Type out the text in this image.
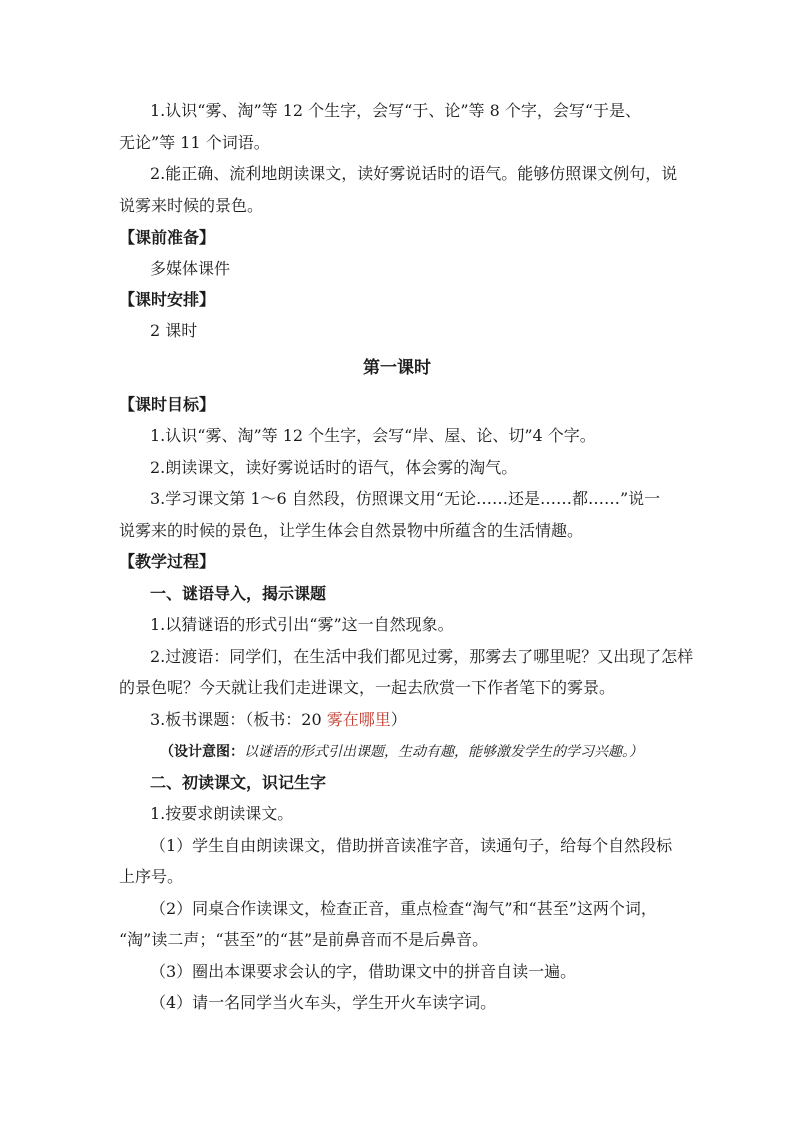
1.认识“雾、淘”等 12 个生字，会写“于、论”等 8 个字，会写“于是、
无论”等 11 个词语。
2.能正确、流利地朗读课文，读好雾说话时的语气。能够仿照课文例句，说
说雾来时候的景色。
【课前准备】
多媒体课件
【课时安排】
2 课时
第一课时
【课时目标】
1.认识“雾、淘”等 12 个生字，会写“岸、屋、论、切”4 个字。
2.朗读课文，读好雾说话时的语气，体会雾的淘气。
3.学习课文第 1～6 自然段，仿照课文用“无论……还是……都……”说一
说雾来的时候的景色，让学生体会自然景物中所蕴含的生活情趣。
【教学过程】
一、谜语导入，揭示课题
1.以猜谜语的形式引出“雾”这一自然现象。
2.过渡语：同学们，在生活中我们都见过雾，那雾去了哪里呢？又出现了怎样
的景色呢？今天就让我们走进课文，一起去欣赏一下作者笔下的雾景。
3.板书课题：（板书：20 雾在哪里）
（设计意图：以谜语的形式引出课题，生动有趣，能够激发学生的学习兴趣。）
二、初读课文，识记生字
1.按要求朗读课文。
（1）学生自由朗读课文，借助拼音读准字音，读通句子，给每个自然段标
上序号。
（2）同桌合作读课文，检查正音，重点检查“淘气”和“甚至”这两个词，
“淘”读二声；“甚至”的“甚”是前鼻音而不是后鼻音。
（3）圈出本课要求会认的字，借助课文中的拼音自读一遍。
（4）请一名同学当火车头，学生开火车读字词。
